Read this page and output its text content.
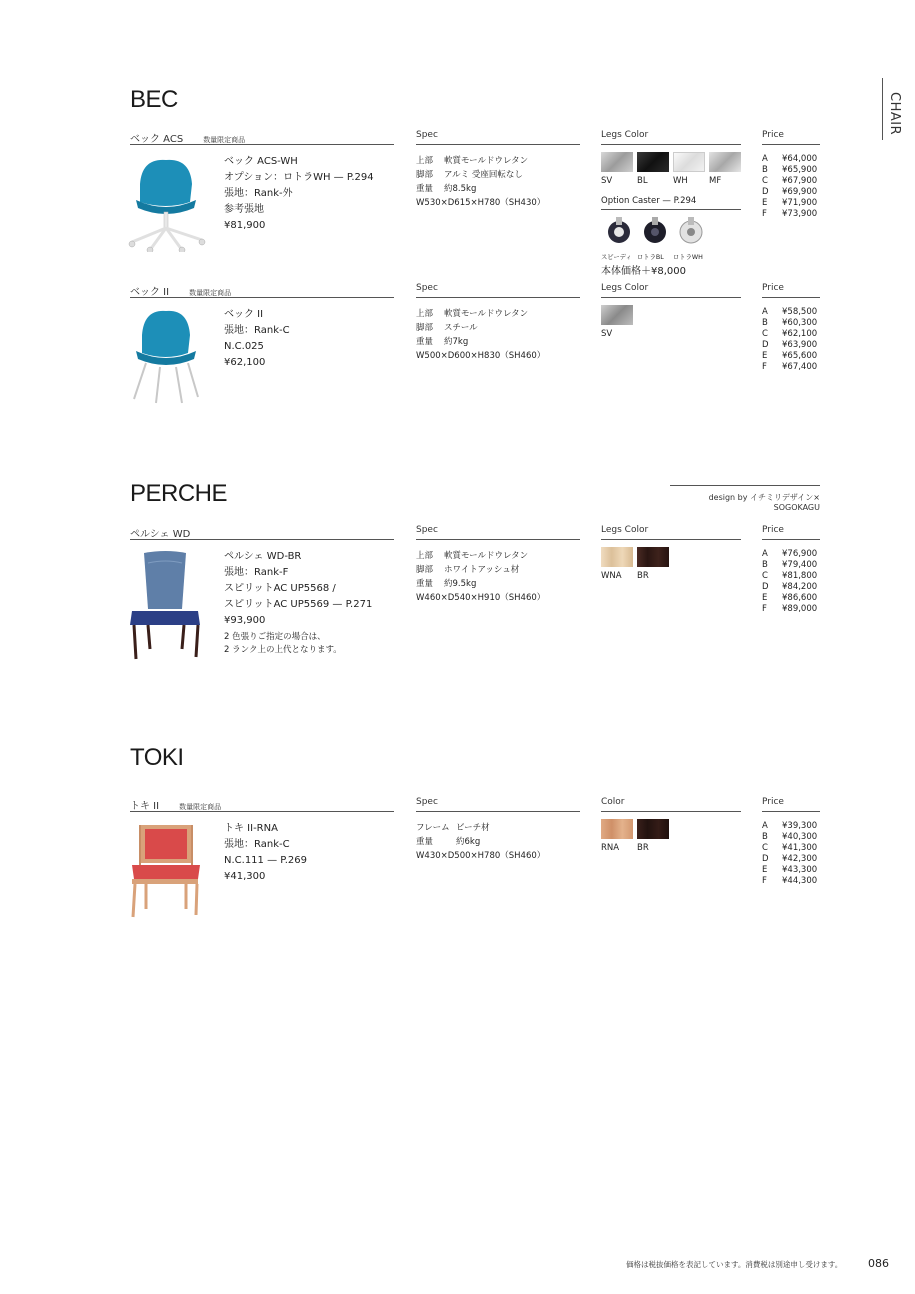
CHAIR
BEC
ベック ACS	数量限定商品	Spec	Legs Color	Price
ベック ACS-WH
オプション：ロトラWH — P.294
張地：Rank-外
参考張地
¥81,900
上部 軟質モールドウレタン
脚部 アルミ 受座回転なし
重量 約8.5kg
W530×D615×H780（SH430）
SV	BL	WH	MF
Option Caster — P.294
スピーディ ロトラBL	ロトラWH
本体価格＋¥8,000
A ¥64,000
B ¥65,900
C ¥67,900
D ¥69,900
E ¥71,900
F ¥73,900
ベック II	数量限定商品	Spec	Legs Color	Price
ベック II
張地：Rank-C
N.C.025
¥62,100
上部 軟質モールドウレタン
脚部 スチール
重量 約7kg
W500×D600×H830（SH460）
SV
A ¥58,500
B ¥60,300
C ¥62,100
D ¥63,900
E ¥65,600
F ¥67,400
PERCHE	design by イチミリデザイン× SOGOKAGU
ペルシェ WD	Spec	Legs Color	Price
ペルシェ WD-BR
張地：Rank-F
スピリットAC UP5568 /
スピリットAC UP5569 — P.271
¥93,900
2 色張りご指定の場合は、
2 ランク上の上代となります。
上部 軟質モールドウレタン
脚部 ホワイトアッシュ材
重量 約9.5kg
W460×D540×H910（SH460）
WNA	BR
A ¥76,900
B ¥79,400
C ¥81,800
D ¥84,200
E ¥86,600
F ¥89,000
TOKI
トキ II	数量限定商品	Spec	Color	Price
トキ II-RNA
張地：Rank-C
N.C.111 — P.269
¥41,300
フレーム ビーチ材
重量	約6kg
W430×D500×H780（SH460）
RNA	BR
A ¥39,300
B ¥40,300
C ¥41,300
D ¥42,300
E ¥43,300
F ¥44,300
価格は税抜価格を表記しています。消費税は別途申し受けます。 086
